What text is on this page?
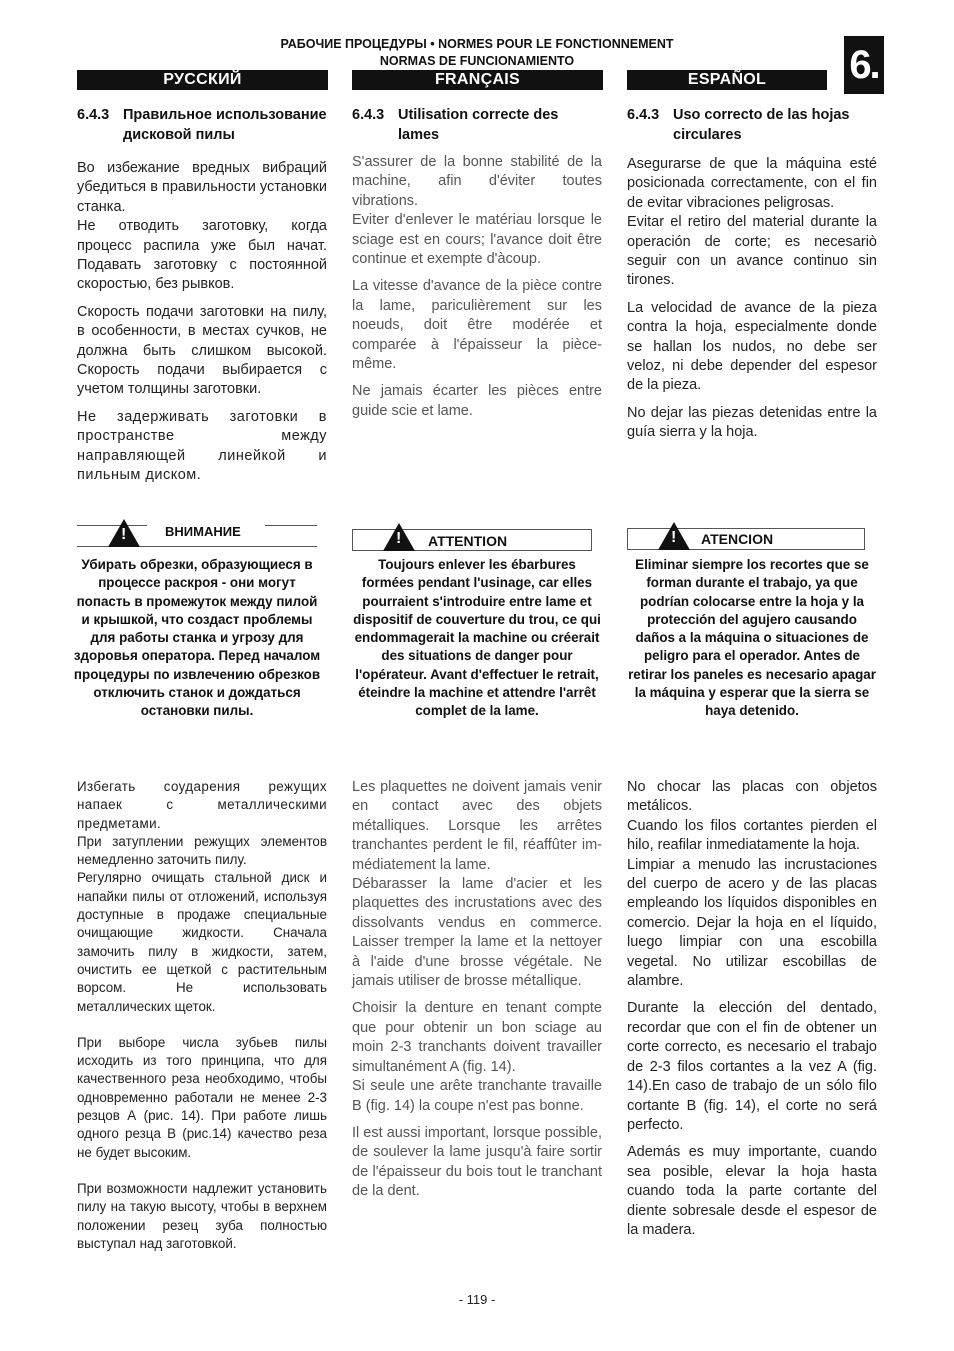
РАБОЧИЕ ПРОЦЕДУРЫ • NORMES POUR LE FONCTIONNEMENT
NORMAS DE FUNCIONAMIENTO	6.
РУССКИЙ	FRANÇAIS	ESPAÑOL
6.4.3 Правильное использование дисковой пилы

Во избежание вредных вибраций убедиться в правильности установки станка.

Не отводить заготовку, когда процесс распила уже был начат. Подавать заготовку с постоянной скоростью, без рывков.

Скорость подачи заготовки на пилу, в особенности, в местах сучков, не должна быть слишком высокой. Скорость подачи выбирается с учетом толщины заготовки.

Не задерживать заготовки в пространстве между направляющей линейкой и пильным диском.

!
ВНИМАНИЕ
Убирать обрезки, образующиеся в процессе раскроя - они могут попасть в промежуток между пилой и крышкой, что создаст проблемы для работы станка и угрозу для здоровья оператора. Перед началом процедуры по извлечению обрезков отключить станок и дождаться остановки пилы.

Избегать соударения режущих напаек с металлическими предметами.

При затуплении режущих элементов немедленно заточить пилу.

Регулярно очищать стальной диск и напайки пилы от отложений, используя доступные в продаже специальные очищающие жидкости. Сначала замочить пилу в жидкости, затем, очистить ее щеткой с растительным ворсом. Не использовать металлических щеток.

При выборе числа зубьев пилы исходить из того принципа, что для качественного реза необходимо, чтобы одновременно работали не менее 2-3 резцов А (рис. 14). При работе лишь одного резца В (рис.14) качество реза не будет высоким.

При возможности надлежит установить пилу на такую высоту, чтобы в верхнем положении резец зуба полностью выступал над заготовкой.

6.4.3 Utilisation correcte des lames

S'assurer de la bonne stabilité de la machine, afin d'éviter toutes vibrations.

Eviter d'enlever le matériau lorsque le sciage est en cours; l'avance doit être continue et exempte d'àcoup.

La vitesse d'avance de la pièce contre la lame, pariculièrement sur les noeuds, doit être modérée et comparée à l'épaisseur la pièce-même.

Ne jamais écarter les pièces entre guide scie et lame.

!
ATTENTION
Toujours enlever les ébarbures formées pendant l'usinage, car elles pourraient s'introduire entre lame et dispositif de couverture du trou, ce qui endommagerait la machine ou créerait des situations de danger pour l'opérateur. Avant d'effectuer le retrait, éteindre la machine et attendre l'arrêt complet de la lame.

Les plaquettes ne doivent jamais venir en contact avec des objets métalliques. Lorsque les arrêtes tranchantes perdent le fil, réaffûter im-médiatement la lame.

Débarasser la lame d'acier et les plaquettes des incrustations avec des dissolvants vendus en commerce. Laisser tremper la lame et la nettoyer à l'aide d'une brosse végétale. Ne jamais utiliser de brosse métallique.

Choisir la denture en tenant compte que pour obtenir un bon sciage au moin 2-3 tranchants doivent travailler simultanément A (fig. 14).

Si seule une arête tranchante travaille B (fig. 14) la coupe n'est pas bonne.

Il est aussi important, lorsque possible, de soulever la lame jusqu'à faire sortir de l'épaisseur du bois tout le tranchant de la dent.

6.4.3 Uso correcto de las hojas circulares

Asegurarse de que la máquina esté posicionada correctamente, con el fin de evitar vibraciones peligrosas.

Evitar el retiro del material durante la operación de corte; es necesariò seguir con un avance continuo sin tirones.

La velocidad de avance de la pieza contra la hoja, especialmente donde se hallan los nudos, no debe ser veloz, ni debe depender del espesor de la pieza.

No dejar las piezas detenidas entre la guía sierra y la hoja.

!
ATENCION
Eliminar siempre los recortes que se forman durante el trabajo, ya que podrían colocarse entre la hoja y la protección del agujero causando daños a la máquina o situaciones de peligro para el operador. Antes de retirar los paneles es necesario apagar la máquina y esperar que la sierra se haya detenido.

No chocar las placas con objetos metálicos.

Cuando los filos cortantes pierden el hilo, reafilar inmediatamente la hoja.

Limpiar a menudo las incrustaciones del cuerpo de acero y de las placas empleando los líquidos disponibles en comercio. Dejar la hoja en el líquido, luego limpiar con una escobilla vegetal. No utilizar escobillas de alambre.

Durante la elección del dentado, recordar que con el fin de obtener un corte correcto, es necesario el trabajo de 2-3 filos cortantes a la vez A (fig. 14).En caso de trabajo de un sólo filo cortante B (fig. 14), el corte no será perfecto.

Además es muy importante, cuando sea posible, elevar la hoja hasta cuando toda la parte cortante del diente sobresale desde el espesor de la madera.

- 119 -
